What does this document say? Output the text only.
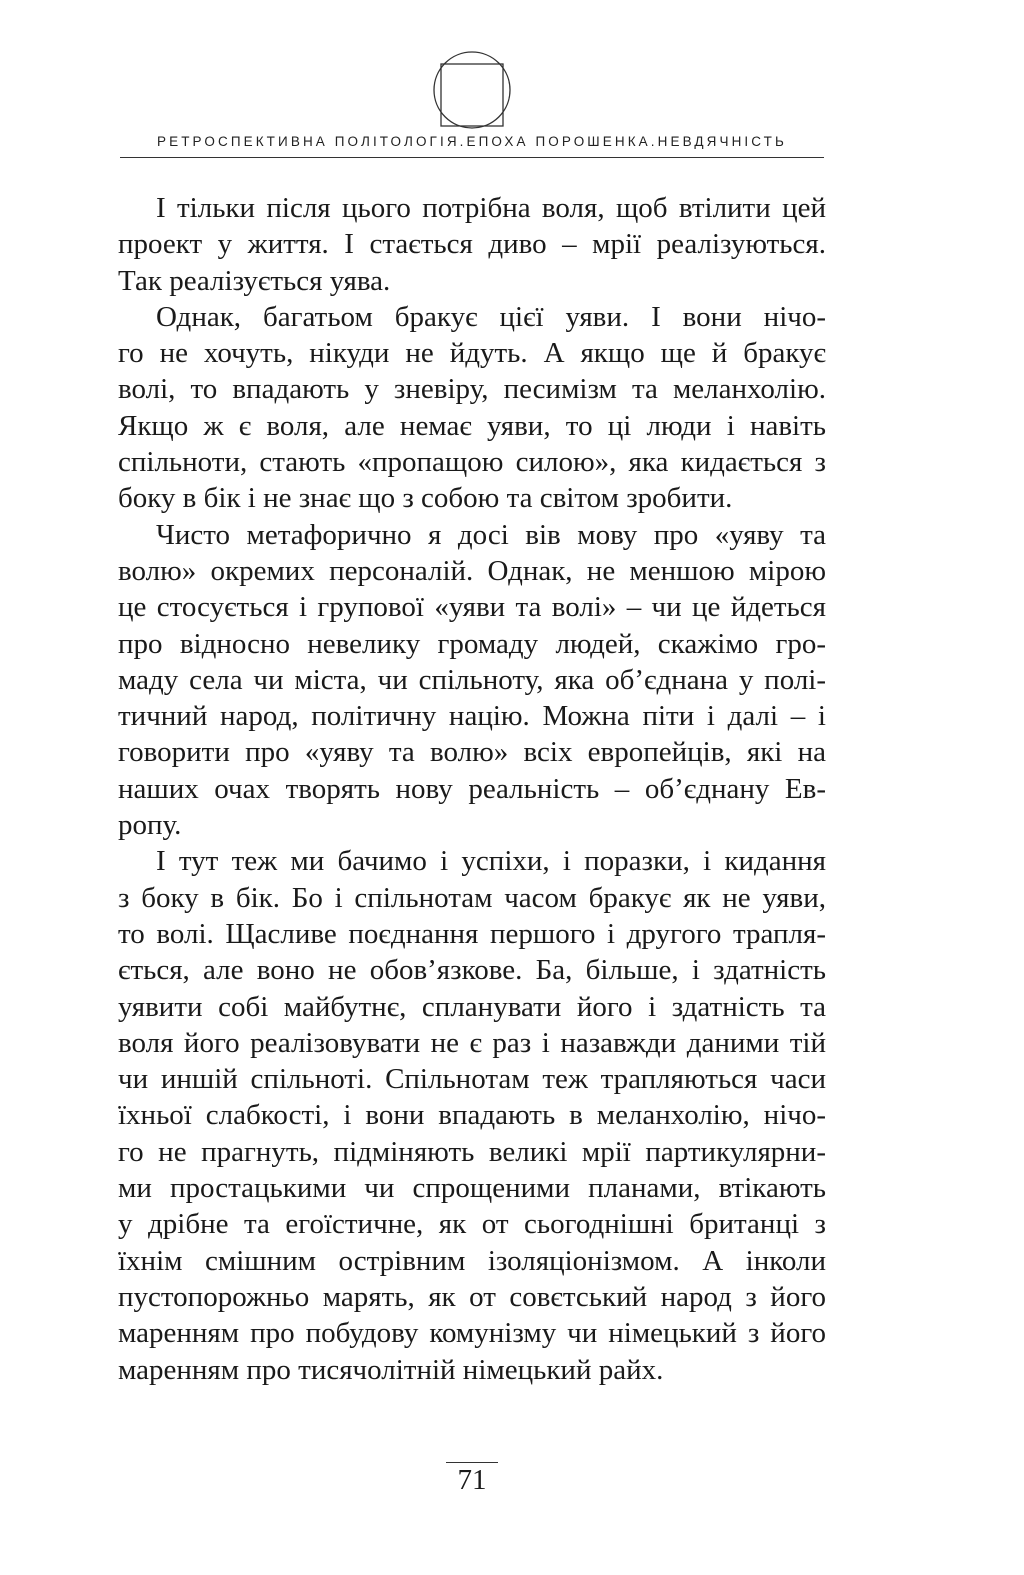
РЕТРОСПЕКТИВНА ПОЛІТОЛОГІЯ.ЕПОХА ПОРОШЕНКА.НЕВДЯЧНІСТЬ
І тільки після цього потрібна воля, щоб втілити цей
проект у життя. І стається диво – мрії реалізуються.
Так реалізується уява.
Однак, багатьом бракує цієї уяви. І вони нічо-
го не хочуть, нікуди не йдуть. А якщо ще й бракує
волі, то впадають у зневіру, песимізм та меланхолію.
Якщо ж є воля, але немає уяви, то ці люди і навіть
спільноти, стають «пропащою силою», яка кидається з
боку в бік і не знає що з собою та світом зробити.
Чисто метафорично я досі вів мову про «уяву та
волю» окремих персоналій. Однак, не меншою мірою
це стосується і групової «уяви та волі» – чи це йдеться
про відносно невелику громаду людей, скажімо гро-
маду села чи міста, чи спільноту, яка об’єднана у полі-
тичний народ, політичну націю. Можна піти і далі – і
говорити про «уяву та волю» всіх европейців, які на
наших очах творять нову реальність – об’єднану Ев-
ропу.
І тут теж ми бачимо і успіхи, і поразки, і кидання
з боку в бік. Бо і спільнотам часом бракує як не уяви,
то волі. Щасливе поєднання першого і другого трапля-
ється, але воно не обов’язкове. Ба, більше, і здатність
уявити собі майбутнє, спланувати його і здатність та
воля його реалізовувати не є раз і назавжди даними тій
чи иншій спільноті. Спільнотам теж трапляються часи
їхньої слабкості, і вони впадають в меланхолію, нічо-
го не прагнуть, підміняють великі мрії партикулярни-
ми простацькими чи спрощеними планами, втікають
у дрібне та егоїстичне, як от сьогоднішні британці з
їхнім смішним острівним ізоляціонізмом. А інколи
пустопорожньо марять, як от совєтський народ з його
маренням про побудову комунізму чи німецький з його
маренням про тисячолітній німецький райх.
71
